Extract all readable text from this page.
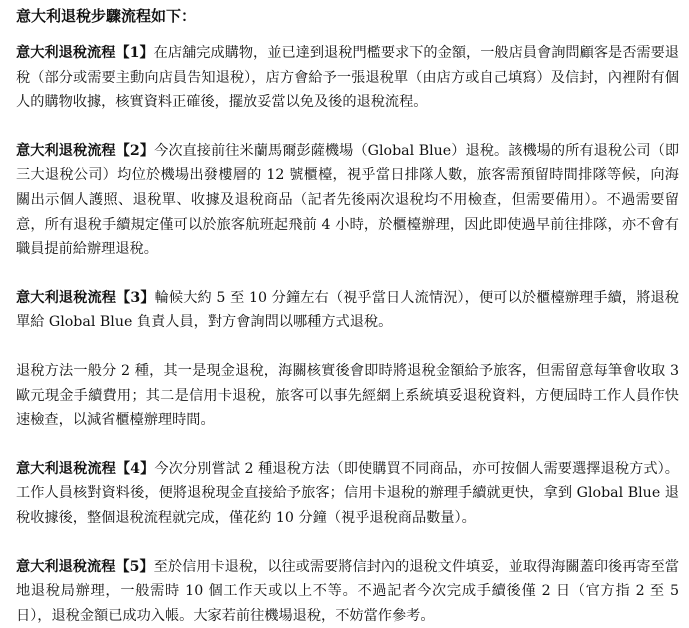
意大利退稅步驟流程如下：

意大利退稅流程【1】在店舖完成購物，並已達到退稅門檻要求下的金額，一般店員會詢問顧客是否需要退稅（部分或需要主動向店員告知退稅），店方會給予一張退稅單（由店方或自己填寫）及信封，內裡附有個人的購物收據，核實資料正確後，擺放妥當以免及後的退稅流程。

意大利退稅流程【2】今次直接前往米蘭馬爾彭薩機場（Global Blue）退稅。該機場的所有退稅公司（即三大退稅公司）均位於機場出發樓層的 12 號櫃檯，視乎當日排隊人數，旅客需預留時間排隊等候，向海關出示個人護照、退稅單、收據及退稅商品（記者先後兩次退稅均不用檢查，但需要備用）。不過需要留意，所有退稅手續規定僅可以於旅客航班起飛前 4 小時，於櫃檯辦理，因此即使過早前往排隊，亦不會有職員提前給辦理退稅。

意大利退稅流程【3】輪候大約 5 至 10 分鐘左右（視乎當日人流情況），便可以於櫃檯辦理手續，將退稅單給 Global Blue 負責人員，對方會詢問以哪種方式退稅。

退稅方法一般分 2 種，其一是現金退稅，海關核實後會即時將退稅金額給予旅客，但需留意每筆會收取 3 歐元現金手續費用；其二是信用卡退稅，旅客可以事先經網上系統填妥退稅資料，方便屆時工作人員作快速檢查，以減省櫃檯辦理時間。

意大利退稅流程【4】今次分別嘗試 2 種退稅方法（即使購買不同商品，亦可按個人需要選擇退稅方式）。工作人員核對資料後，便將退稅現金直接給予旅客；信用卡退稅的辦理手續就更快，拿到 Global Blue 退稅收據後，整個退稅流程就完成，僅花約 10 分鐘（視乎退稅商品數量）。

意大利退稅流程【5】至於信用卡退稅，以往或需要將信封內的退稅文件填妥，並取得海關蓋印後再寄至當地退稅局辦理，一般需時 10 個工作天或以上不等。不過記者今次完成手續後僅 2 日（官方指 2 至 5 日），退稅金額已成功入帳。大家若前往機場退稅，不妨當作參考。
